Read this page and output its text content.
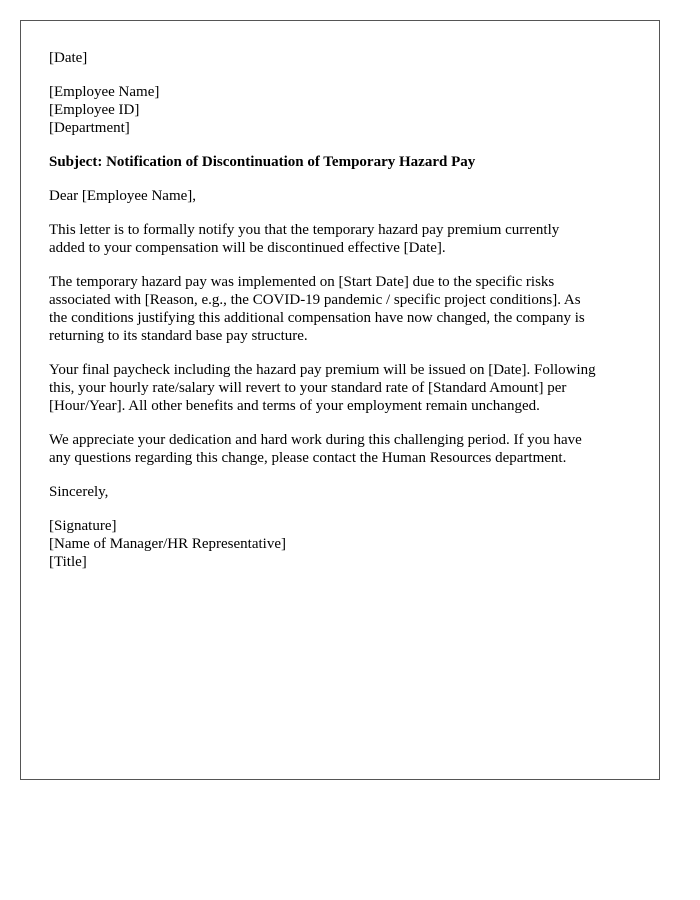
[Date]

[Employee Name]
[Employee ID]
[Department]

Subject: Notification of Discontinuation of Temporary Hazard Pay

Dear [Employee Name],

This letter is to formally notify you that the temporary hazard pay premium currently
added to your compensation will be discontinued effective [Date].

The temporary hazard pay was implemented on [Start Date] due to the specific risks
associated with [Reason, e.g., the COVID-19 pandemic / specific project conditions]. As
the conditions justifying this additional compensation have now changed, the company is
returning to its standard base pay structure.

Your final paycheck including the hazard pay premium will be issued on [Date]. Following
this, your hourly rate/salary will revert to your standard rate of [Standard Amount] per
[Hour/Year]. All other benefits and terms of your employment remain unchanged.

We appreciate your dedication and hard work during this challenging period. If you have
any questions regarding this change, please contact the Human Resources department.

Sincerely,

[Signature]
[Name of Manager/HR Representative]
[Title]
